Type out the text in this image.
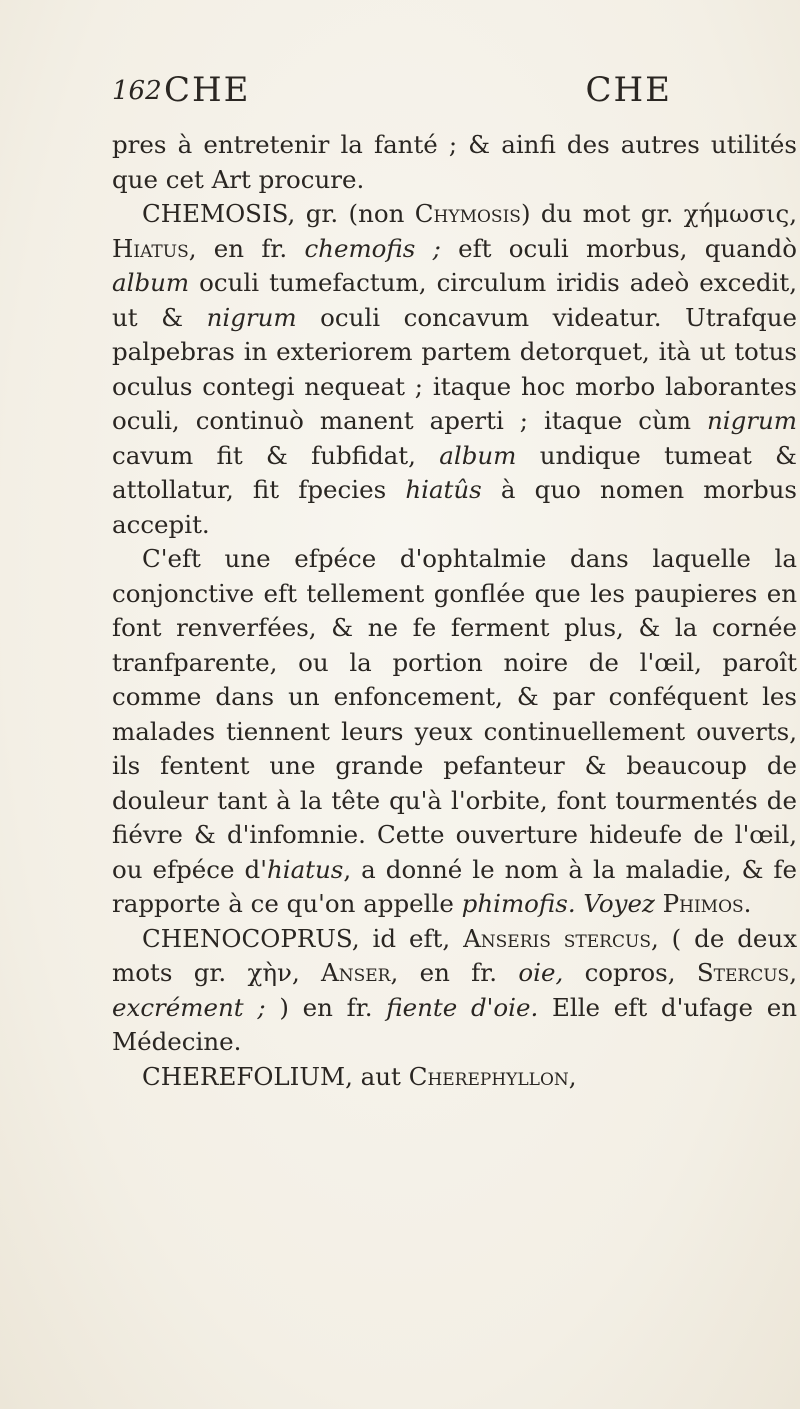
162 CHE	CHE

pres à entretenir la fanté ; & ainfi des autres utilités que cet Art procure.

CHEMOSIS, gr. (non Chymosis) du mot gr. χήμωσις, Hiatus, en fr. chemofis ; eft oculi morbus, quandò album oculi tumefactum, circulum iridis adeò excedit, ut & nigrum oculi concavum videatur. Utrafque palpebras in exteriorem partem detorquet, ità ut totus oculus contegi nequeat ; itaque hoc morbo laborantes oculi, continuò manent aperti ; itaque cùm nigrum cavum fit & fubfidat, album undique tumeat & attollatur, fit fpecies hiatûs à quo nomen morbus accepit.

C'eft une efpéce d'ophtalmie dans laquelle la conjonctive eft tellement gonflée que les paupieres en font renverfées, & ne fe ferment plus, & la cornée tranfparente, ou la portion noire de l'œil, paroît comme dans un enfoncement, & par conféquent les malades tiennent leurs yeux continuellement ouverts, ils fentent une grande pefanteur & beaucoup de douleur tant à la tête qu'à l'orbite, font tourmentés de fiévre & d'infomnie. Cette ouverture hideufe de l'œil, ou efpéce d'hiatus, a donné le nom à la maladie, & fe rapporte à ce qu'on appelle phimofis. Voyez Phimos.

CHENOCOPRUS, id eft, Anseris stercus, ( de deux mots gr. χὴν, Anser, en fr. oie, copros, Stercus, excrément ; ) en fr. fiente d'oie. Elle eft d'ufage en Médecine.

CHEREFOLIUM, aut Cherephyllon,
